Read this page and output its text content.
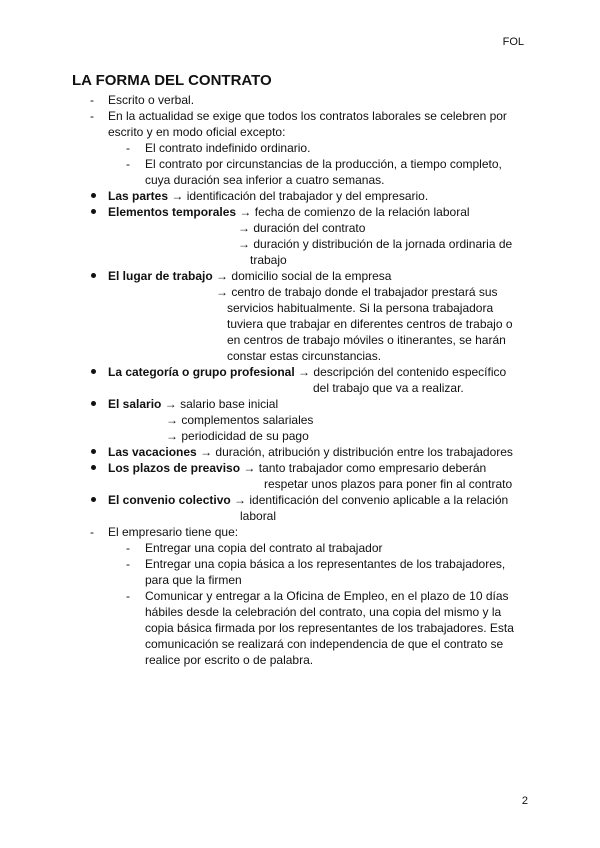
FOL
LA FORMA DEL CONTRATO
- Escrito o verbal.
- En la actualidad se exige que todos los contratos laborales se celebren por
escrito y en modo oficial excepto:
- El contrato indefinido ordinario.
- El contrato por circunstancias de la producción, a tiempo completo,
cuya duración sea inferior a cuatro semanas.
Las partes → identificación del trabajador y del empresario.
Elementos temporales → fecha de comienzo de la relación laboral
→ duración del contrato
→ duración y distribución de la jornada ordinaria de
trabajo
El lugar de trabajo → domicilio social de la empresa
→ centro de trabajo donde el trabajador prestará sus
servicios habitualmente. Si la persona trabajadora
tuviera que trabajar en diferentes centros de trabajo o
en centros de trabajo móviles o itinerantes, se harán
constar estas circunstancias.
La categoría o grupo profesional → descripción del contenido específico
del trabajo que va a realizar.
El salario → salario base inicial
→ complementos salariales
→ periodicidad de su pago
Las vacaciones → duración, atribución y distribución entre los trabajadores
Los plazos de preaviso → tanto trabajador como empresario deberán
respetar unos plazos para poner fin al contrato
El convenio colectivo → identificación del convenio aplicable a la relación
laboral
- El empresario tiene que:
- Entregar una copia del contrato al trabajador
- Entregar una copia básica a los representantes de los trabajadores,
para que la firmen
- Comunicar y entregar a la Oficina de Empleo, en el plazo de 10 días
hábiles desde la celebración del contrato, una copia del mismo y la
copia básica firmada por los representantes de los trabajadores. Esta
comunicación se realizará con independencia de que el contrato se
realice por escrito o de palabra.
2
